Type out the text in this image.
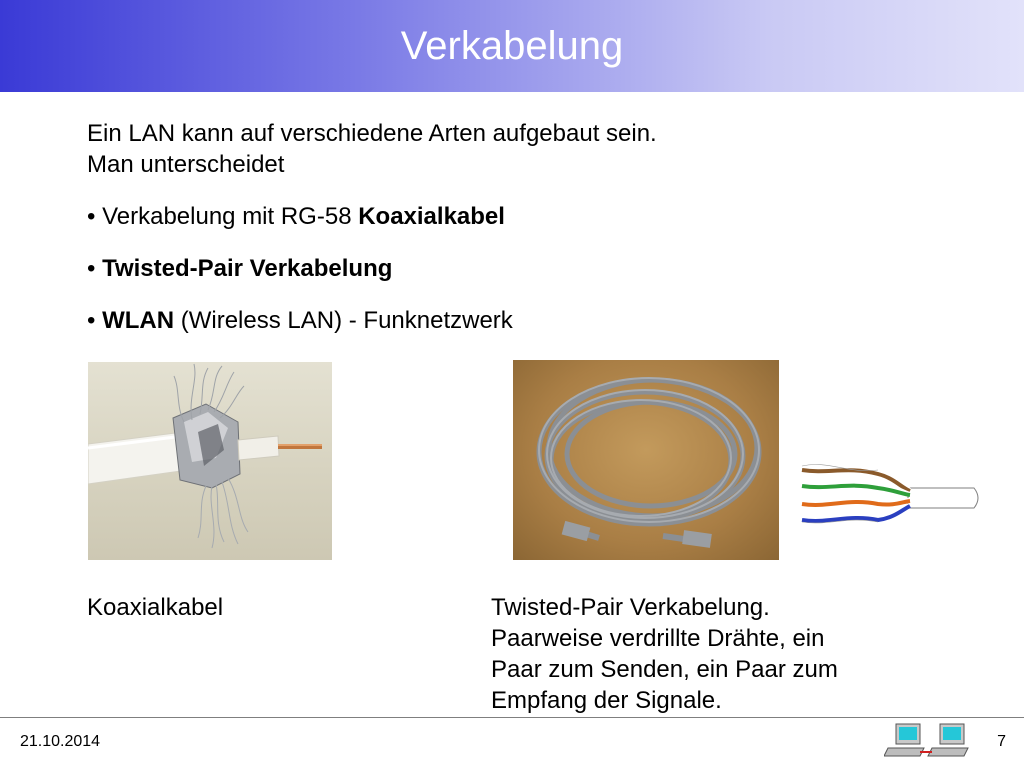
Verkabelung

Ein LAN kann auf verschiedene Arten aufgebaut sein.

Man unterscheidet

• Verkabelung mit RG-58 Koaxialkabel

• Twisted-Pair Verkabelung

• WLAN (Wireless LAN) - Funknetzwerk

Koaxialkabel	Twisted-Pair Verkabelung.
Paarweise verdrillte Drähte, ein
Paar zum Senden, ein Paar zum
Empfang der Signale.
21.10.2014	7
